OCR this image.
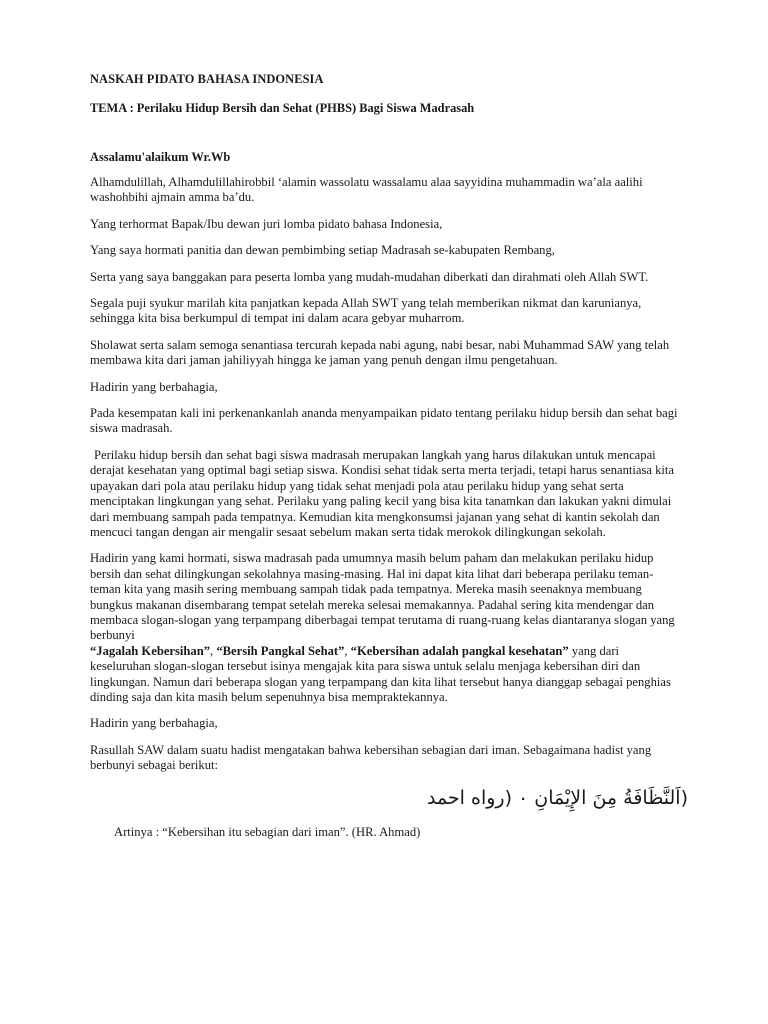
NASKAH PIDATO BAHASA INDONESIA
TEMA : Perilaku Hidup Bersih dan Sehat (PHBS) Bagi Siswa Madrasah
Assalamu'alaikum Wr.Wb

Alhamdulillah, Alhamdulillahirobbil ‘alamin wassolatu wassalamu alaa sayyidina muhammadin wa’ala aalihi washohbihi ajmain amma ba’du.

Yang terhormat Bapak/Ibu dewan juri lomba pidato bahasa Indonesia,

Yang saya hormati panitia dan dewan pembimbing setiap Madrasah se-kabupaten Rembang,

Serta yang saya banggakan para peserta lomba yang mudah-mudahan diberkati dan dirahmati oleh Allah SWT.

Segala puji syukur marilah kita panjatkan kepada Allah SWT yang telah memberikan nikmat dan karunianya, sehingga kita bisa berkumpul di tempat ini dalam acara gebyar muharrom.

Sholawat serta salam semoga senantiasa tercurah kepada nabi agung, nabi besar, nabi Muhammad SAW yang telah membawa kita dari jaman jahiliyyah hingga ke jaman yang penuh dengan ilmu pengetahuan.

Hadirin yang berbahagia,

Pada kesempatan kali ini perkenankanlah ananda menyampaikan pidato tentang perilaku hidup bersih dan sehat bagi siswa madrasah.

Perilaku hidup bersih dan sehat bagi siswa madrasah merupakan langkah yang harus dilakukan untuk mencapai derajat kesehatan yang optimal bagi setiap siswa. Kondisi sehat tidak serta merta terjadi, tetapi harus senantiasa kita upayakan dari pola atau perilaku hidup yang tidak sehat menjadi pola atau perilaku hidup yang sehat serta menciptakan lingkungan yang sehat. Perilaku yang paling kecil yang bisa kita tanamkan dan lakukan yakni dimulai dari membuang sampah pada tempatnya. Kemudian kita mengkonsumsi jajanan yang sehat di kantin sekolah dan mencuci tangan dengan air mengalir sesaat sebelum makan serta tidak merokok dilingkungan sekolah.

Hadirin yang kami hormati, siswa madrasah pada umumnya masih belum paham dan melakukan perilaku hidup bersih dan sehat dilingkungan sekolahnya masing-masing. Hal ini dapat kita lihat dari beberapa perilaku teman-teman kita yang masih sering membuang sampah tidak pada tempatnya. Mereka masih seenaknya membuang bungkus makanan disembarang tempat setelah mereka selesai memakannya. Padahal sering kita mendengar dan membaca slogan-slogan yang terpampang diberbagai tempat terutama di ruang-ruang kelas diantaranya slogan yang berbunyi
“Jagalah Kebersihan”, “Bersih Pangkal Sehat”, “Kebersihan adalah pangkal kesehatan” yang dari keseluruhan slogan-slogan tersebut isinya mengajak kita para siswa untuk selalu menjaga kebersihan diri dan lingkungan. Namun dari beberapa slogan yang terpampang dan kita lihat tersebut hanya dianggap sebagai penghias dinding saja dan kita masih belum sepenuhnya bisa mempraktekannya.

Hadirin yang berbahagia,

Rasullah SAW dalam suatu hadist mengatakan bahwa kebersihan sebagian dari iman. Sebagaimana hadist yang berbunyi sebagai berikut:

(اَلنَّظَافَةُ مِنَ الإِيْمَانِ ۰ (رواه احمد
Artinya : “Kebersihan itu sebagian dari iman”. (HR. Ahmad)
